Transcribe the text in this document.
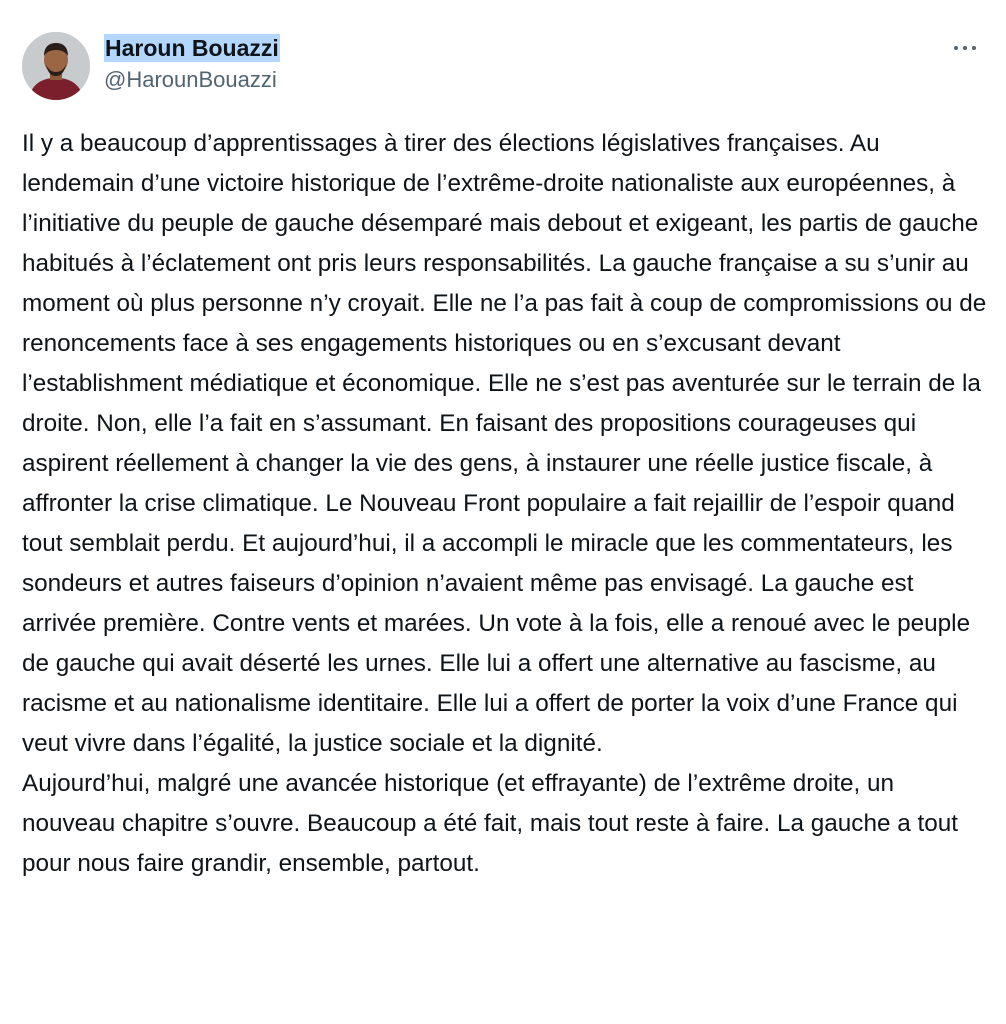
Haroun Bouazzi
@HarounBouazzi
Il y a beaucoup d’apprentissages à tirer des élections législatives françaises. Au lendemain d’une victoire historique de l’extrême-droite nationaliste aux européennes, à l’initiative du peuple de gauche désemparé mais debout et exigeant, les partis de gauche habitués à l’éclatement ont pris leurs responsabilités. La gauche française a su s’unir au moment où plus personne n’y croyait. Elle ne l’a pas fait à coup de compromissions ou de renoncements face à ses engagements historiques ou en s’excusant devant l’establishment médiatique et économique. Elle ne s’est pas aventurée sur le terrain de la droite. Non, elle l’a fait en s’assumant. En faisant des propositions courageuses qui aspirent réellement à changer la vie des gens, à instaurer une réelle justice fiscale, à affronter la crise climatique. Le Nouveau Front populaire a fait rejaillir de l’espoir quand tout semblait perdu. Et aujourd’hui, il a accompli le miracle que les commentateurs, les sondeurs et autres faiseurs d’opinion n’avaient même pas envisagé. La gauche est arrivée première. Contre vents et marées. Un vote à la fois, elle a renoué avec le peuple de gauche qui avait déserté les urnes. Elle lui a offert une alternative au fascisme, au racisme et au nationalisme identitaire. Elle lui a offert de porter la voix d’une France qui veut vivre dans l’égalité, la justice sociale et la dignité.
Aujourd’hui, malgré une avancée historique (et effrayante) de l’extrême droite, un nouveau chapitre s’ouvre. Beaucoup a été fait, mais tout reste à faire. La gauche a tout pour nous faire grandir, ensemble, partout.
